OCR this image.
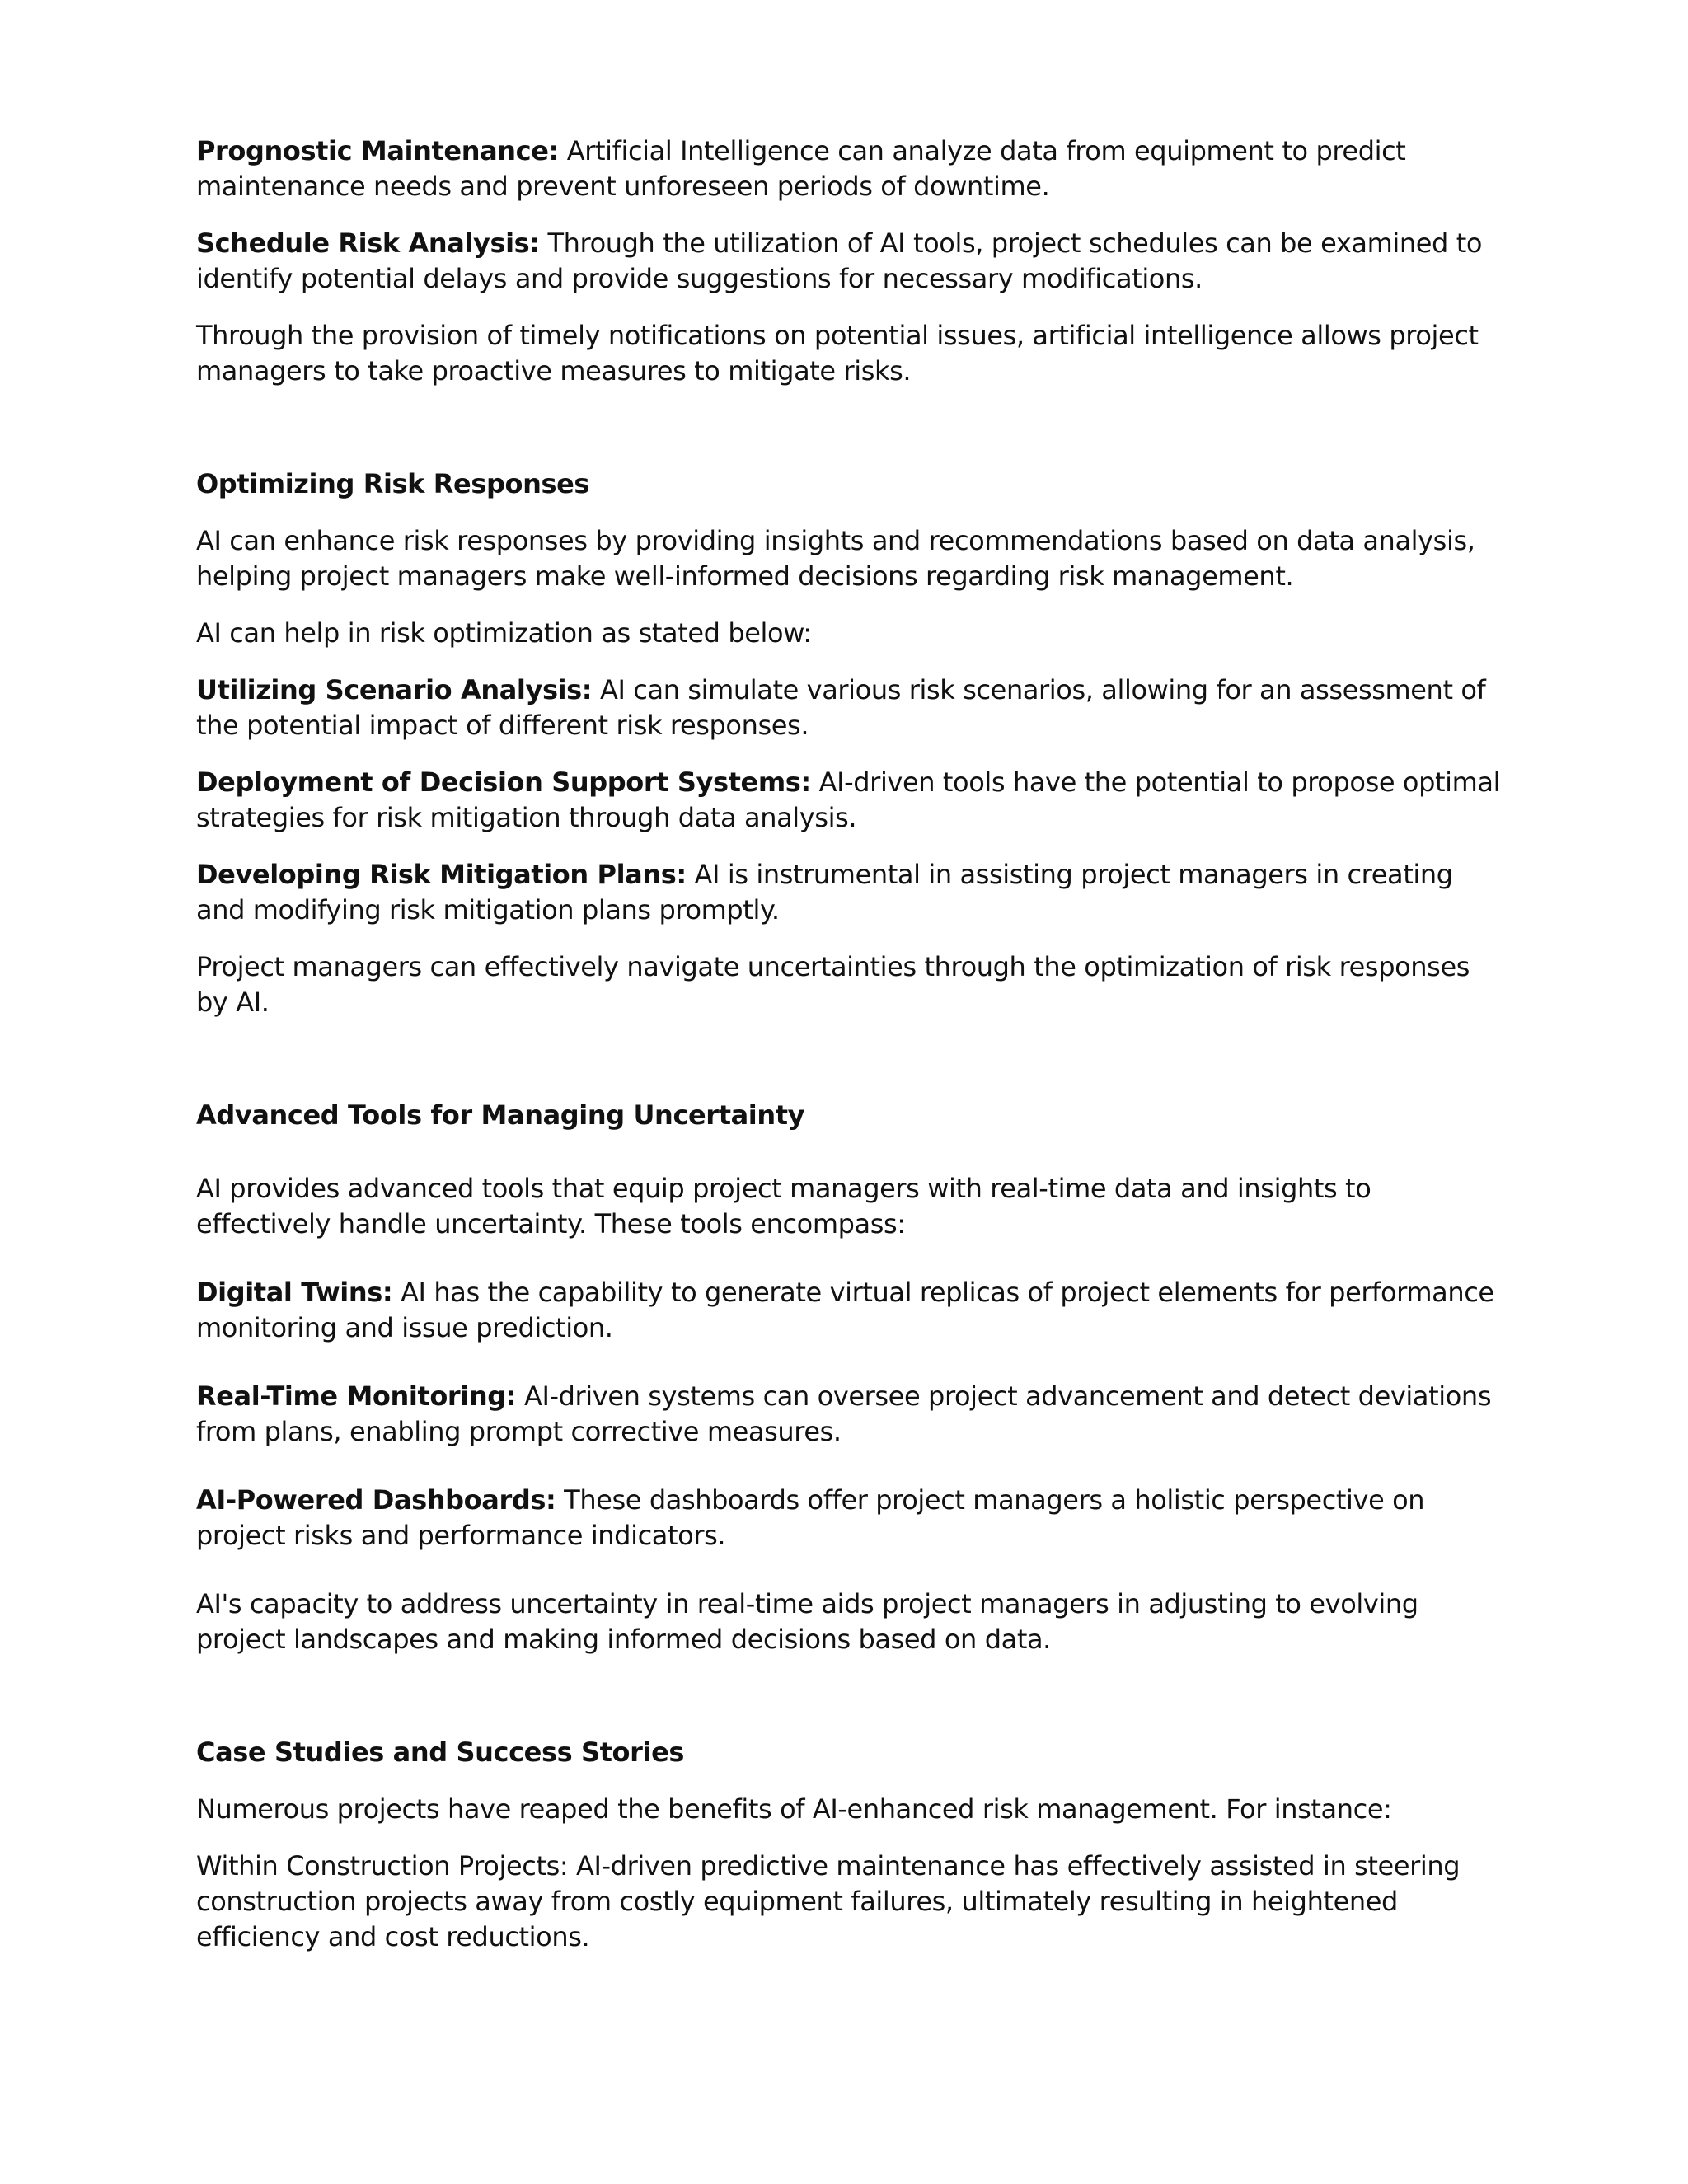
Prognostic Maintenance: Artificial Intelligence can analyze data from equipment to predict maintenance needs and prevent unforeseen periods of downtime.

Schedule Risk Analysis: Through the utilization of AI tools, project schedules can be examined to identify potential delays and provide suggestions for necessary modifications.

Through the provision of timely notifications on potential issues, artificial intelligence allows project managers to take proactive measures to mitigate risks.

Optimizing Risk Responses

AI can enhance risk responses by providing insights and recommendations based on data analysis, helping project managers make well-informed decisions regarding risk management.

AI can help in risk optimization as stated below:

Utilizing Scenario Analysis: AI can simulate various risk scenarios, allowing for an assessment of the potential impact of different risk responses.

Deployment of Decision Support Systems: AI-driven tools have the potential to propose optimal strategies for risk mitigation through data analysis.

Developing Risk Mitigation Plans: AI is instrumental in assisting project managers in creating and modifying risk mitigation plans promptly.

Project managers can effectively navigate uncertainties through the optimization of risk responses by AI.

Advanced Tools for Managing Uncertainty

AI provides advanced tools that equip project managers with real-time data and insights to effectively handle uncertainty. These tools encompass:

Digital Twins: AI has the capability to generate virtual replicas of project elements for performance monitoring and issue prediction.

Real-Time Monitoring: AI-driven systems can oversee project advancement and detect deviations from plans, enabling prompt corrective measures.

AI-Powered Dashboards: These dashboards offer project managers a holistic perspective on project risks and performance indicators.

AI's capacity to address uncertainty in real-time aids project managers in adjusting to evolving project landscapes and making informed decisions based on data.

Case Studies and Success Stories

Numerous projects have reaped the benefits of AI-enhanced risk management. For instance:

Within Construction Projects: AI-driven predictive maintenance has effectively assisted in steering construction projects away from costly equipment failures, ultimately resulting in heightened efficiency and cost reductions.
